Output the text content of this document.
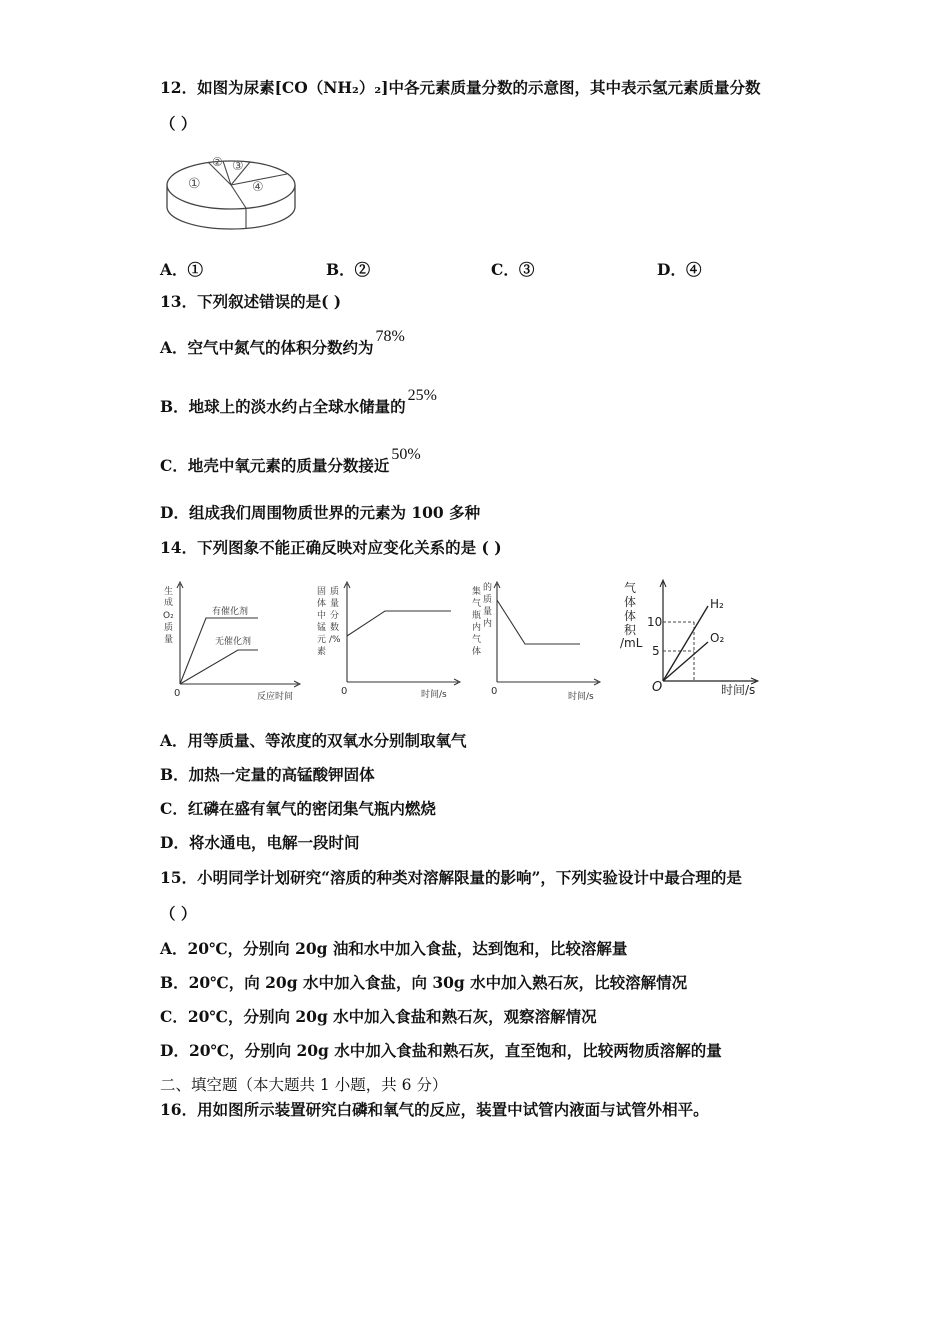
12．如图为尿素[CO（NH₂）₂]中各元素质量分数的示意图，其中表示氢元素质量分数
（ ）
①
② ③
④
A．①	B．②	C．③	D．④
13．下列叙述错误的是( )
A．空气中氮气的体积分数约为78%
B．地球上的淡水约占全球水储量的25%
C．地壳中氧元素的质量分数接近50%
D．组成我们周围物质世界的元素为 100 多种
14．下列图象不能正确反映对应变化关系的是 ( )
生
成
O₂
质
量
有催化剂
无催化剂
0	反应时间
固
体
中
锰
元
质
量
分
数
/%
素
0	时间/s
集
气
瓶
内
气
体
的
质
量
内
0	时间/s
气
体
体
积
/mL
10
5
H₂
O₂
O	时间/s
A．用等质量、等浓度的双氧水分别制取氧气
B．加热一定量的高锰酸钾固体
C．红磷在盛有氧气的密闭集气瓶内燃烧
D．将水通电，电解一段时间
15．小明同学计划研究“溶质的种类对溶解限量的影响”，下列实验设计中最合理的是
（ ）
A．20℃，分别向 20g 油和水中加入食盐，达到饱和，比较溶解量
B．20℃，向 20g 水中加入食盐，向 30g 水中加入熟石灰，比较溶解情况
C．20℃，分别向 20g 水中加入食盐和熟石灰，观察溶解情况
D．20℃，分别向 20g 水中加入食盐和熟石灰，直至饱和，比较两物质溶解的量
二、填空题（本大题共 1 小题，共 6 分）
16．用如图所示装置研究白磷和氧气的反应，装置中试管内液面与试管外相平。
